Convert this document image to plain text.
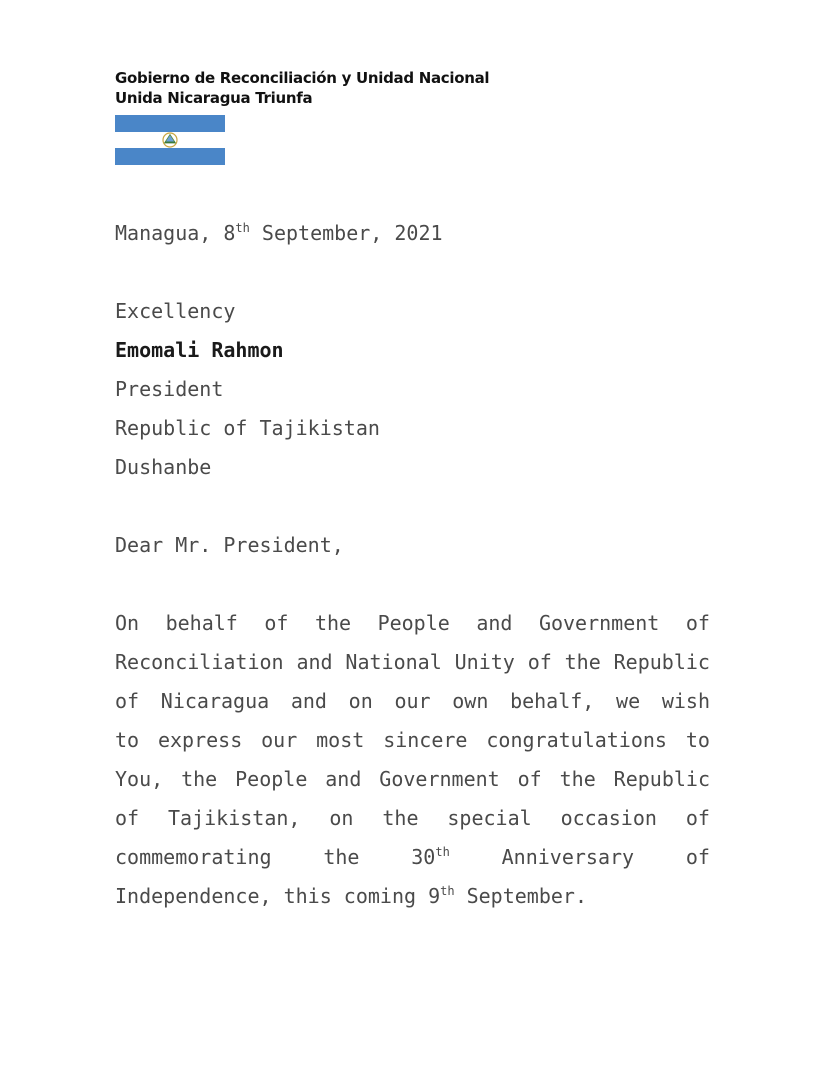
Gobierno de Reconciliación y Unidad Nacional
Unida Nicaragua Triunfa
Managua, 8th September, 2021
Excellency
Emomali Rahmon
President
Republic of Tajikistan
Dushanbe
Dear Mr. President,
On behalf of the People and Government of
Reconciliation and National Unity of the Republic
of Nicaragua and on our own behalf, we wish
to express our most sincere congratulations to
You, the People and Government of the Republic
of Tajikistan, on the special occasion of
commemorating	the	30th	Anniversary	of
Independence, this coming 9th September.
